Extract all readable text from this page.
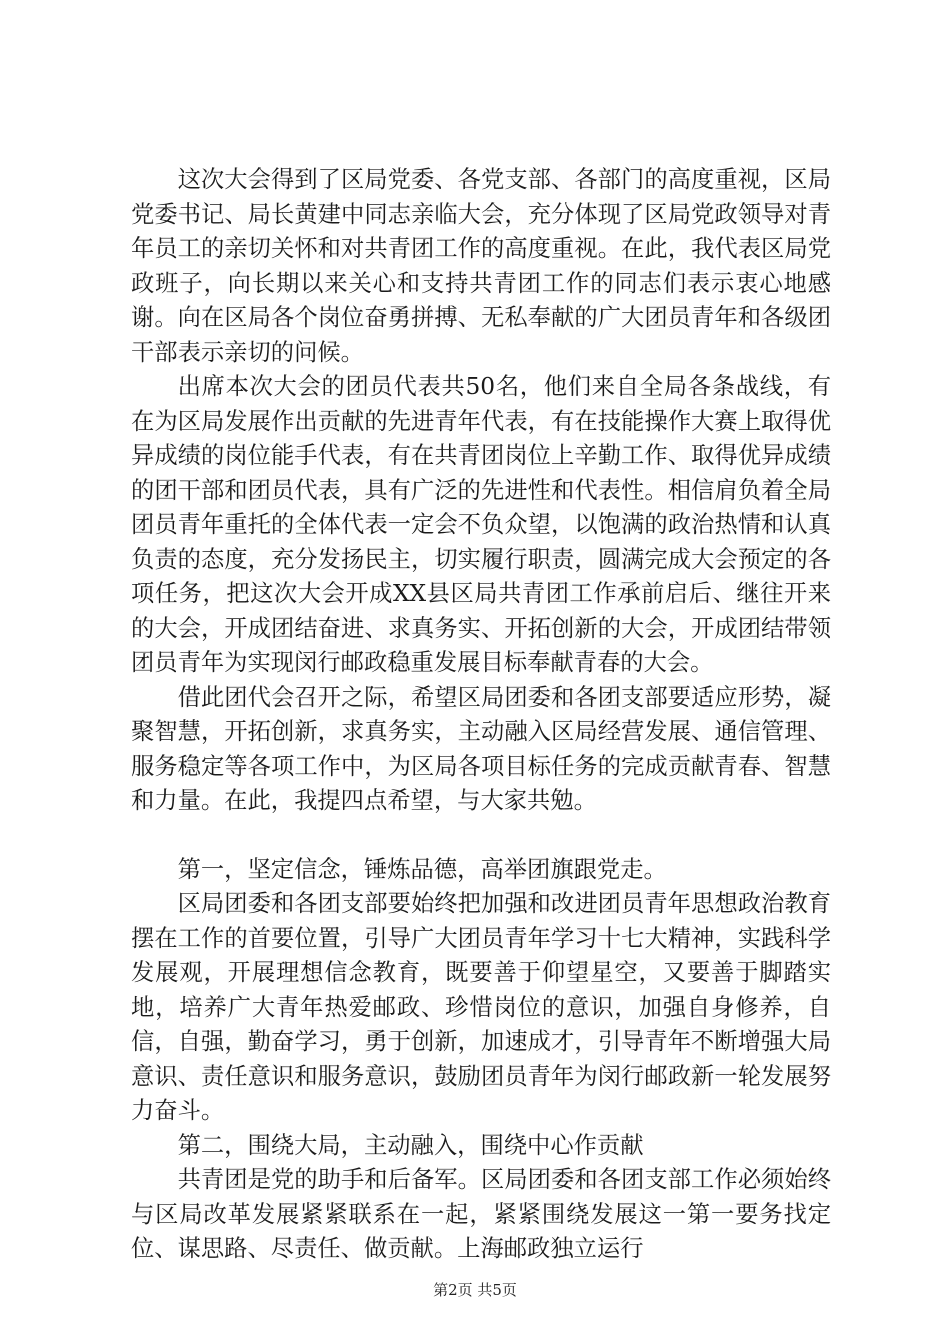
这次大会得到了区局党委、各党支部、各部门的高度重视，区局党委书记、局长黄建中同志亲临大会，充分体现了区局党政领导对青年员工的亲切关怀和对共青团工作的高度重视。在此，我代表区局党政班子，向长期以来关心和支持共青团工作的同志们表示衷心地感谢。向在区局各个岗位奋勇拼搏、无私奉献的广大团员青年和各级团干部表示亲切的问候。

出席本次大会的团员代表共50名，他们来自全局各条战线，有在为区局发展作出贡献的先进青年代表，有在技能操作大赛上取得优异成绩的岗位能手代表，有在共青团岗位上辛勤工作、取得优异成绩的团干部和团员代表，具有广泛的先进性和代表性。相信肩负着全局团员青年重托的全体代表一定会不负众望，以饱满的政治热情和认真负责的态度，充分发扬民主，切实履行职责，圆满完成大会预定的各项任务，把这次大会开成XX县区局共青团工作承前启后、继往开来的大会，开成团结奋进、求真务实、开拓创新的大会，开成团结带领团员青年为实现闵行邮政稳重发展目标奉献青春的大会。

借此团代会召开之际，希望区局团委和各团支部要适应形势，凝聚智慧，开拓创新，求真务实，主动融入区局经营发展、通信管理、服务稳定等各项工作中，为区局各项目标任务的完成贡献青春、智慧和力量。在此，我提四点希望，与大家共勉。

第一，坚定信念，锤炼品德，高举团旗跟党走。

区局团委和各团支部要始终把加强和改进团员青年思想政治教育摆在工作的首要位置，引导广大团员青年学习十七大精神，实践科学发展观，开展理想信念教育，既要善于仰望星空，又要善于脚踏实地，培养广大青年热爱邮政、珍惜岗位的意识，加强自身修养，自信，自强，勤奋学习，勇于创新，加速成才，引导青年不断增强大局意识、责任意识和服务意识，鼓励团员青年为闵行邮政新一轮发展努力奋斗。

第二，围绕大局，主动融入，围绕中心作贡献

共青团是党的助手和后备军。区局团委和各团支部工作必须始终与区局改革发展紧紧联系在一起，紧紧围绕发展这一第一要务找定位、谋思路、尽责任、做贡献。上海邮政独立运行

第2页 共5页
